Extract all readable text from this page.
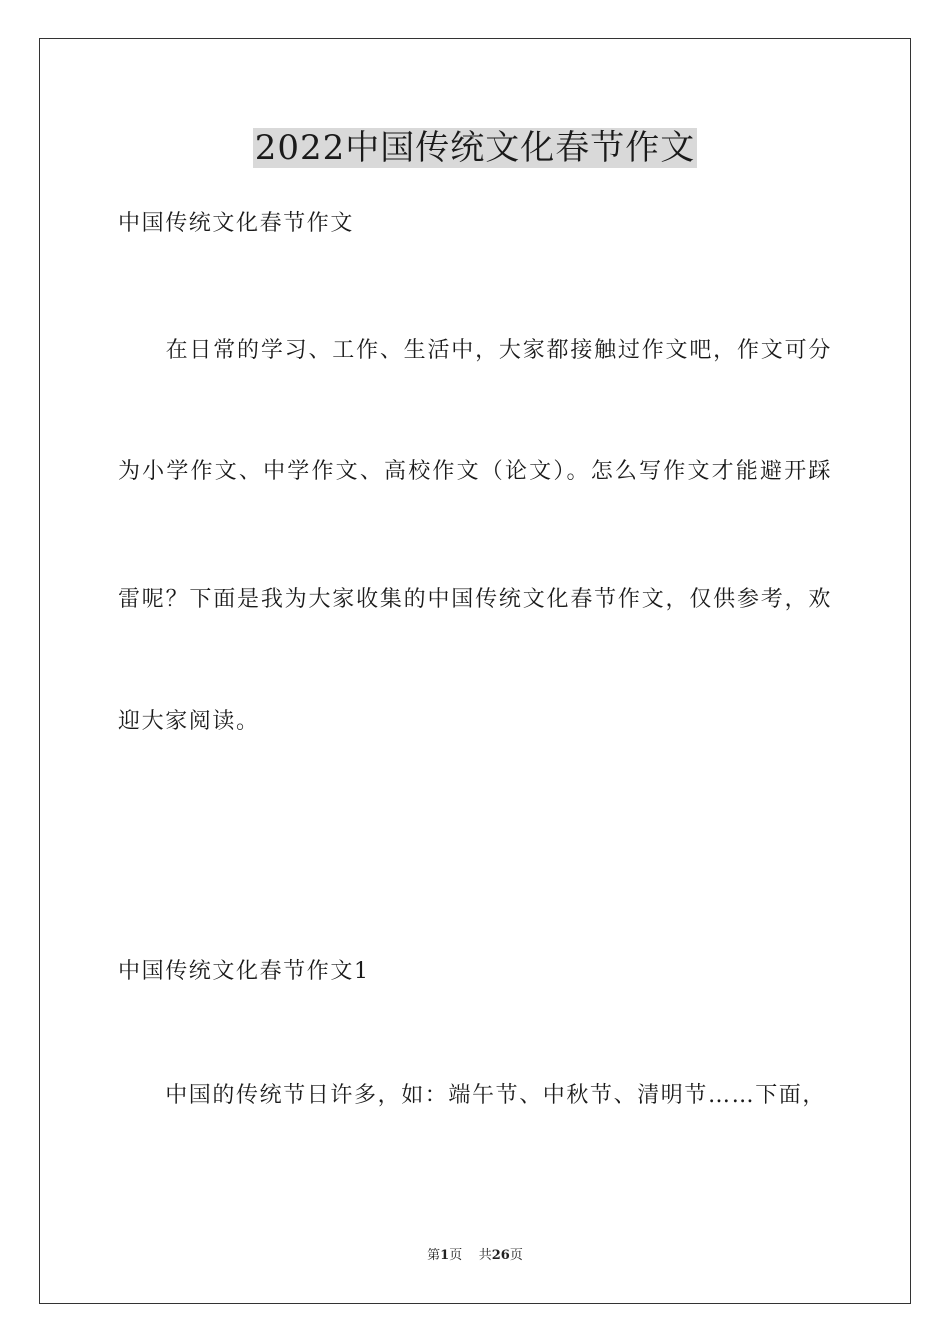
2022中国传统文化春节作文
中国传统文化春节作文
　　在日常的学习、工作、生活中，大家都接触过作文吧，作文可分
为小学作文、中学作文、高校作文（论文）。怎么写作文才能避开踩
雷呢？下面是我为大家收集的中国传统文化春节作文，仅供参考，欢
迎大家阅读。
中国传统文化春节作文1
　　中国的传统节日许多，如：端午节、中秋节、清明节……下面，
第1页 共26页
